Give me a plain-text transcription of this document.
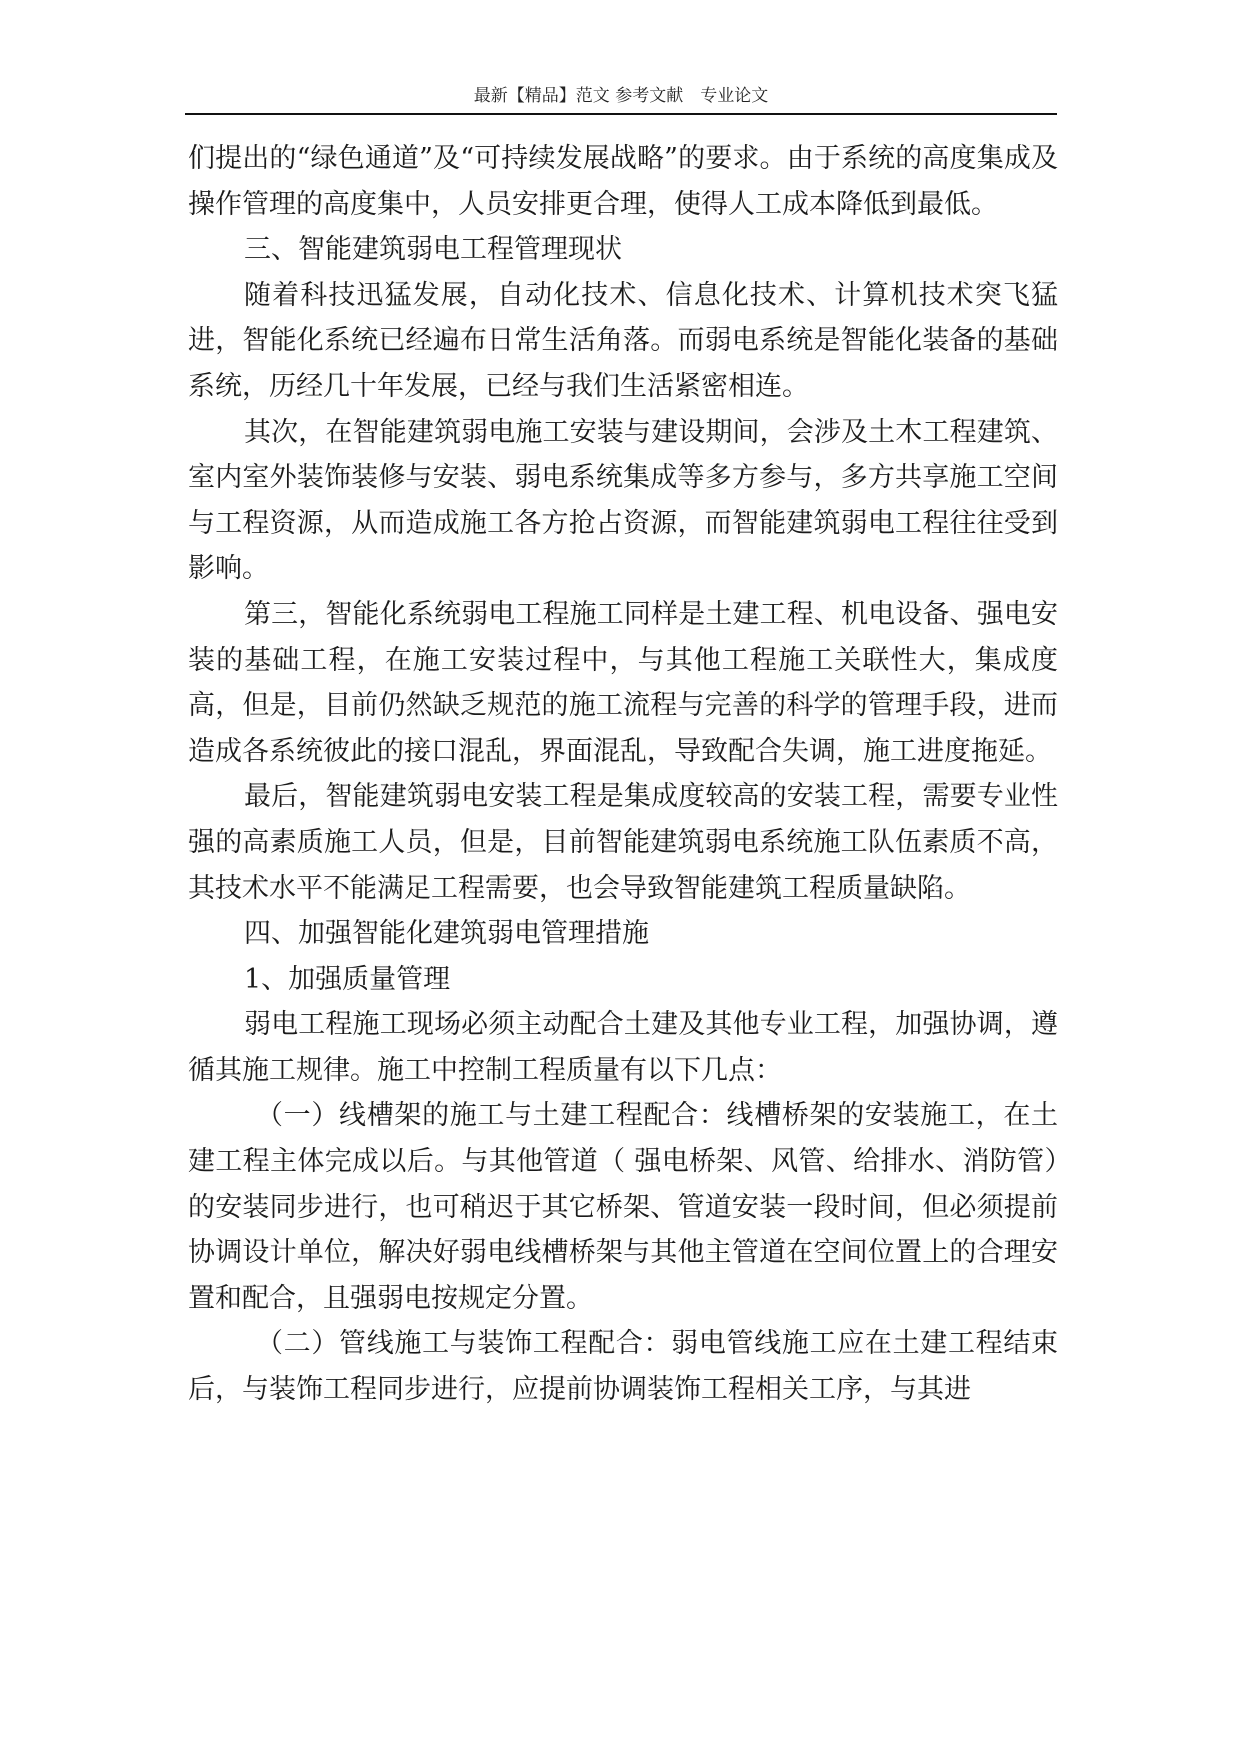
最新【精品】范文 参考文献　专业论文

们提出的“绿色通道”及“可持续发展战略”的要求。由于系统的高度集成及操作管理的高度集中，人员安排更合理，使得人工成本降低到最低。

三、智能建筑弱电工程管理现状

随着科技迅猛发展，自动化技术、信息化技术、计算机技术突飞猛进，智能化系统已经遍布日常生活角落。而弱电系统是智能化装备的基础系统，历经几十年发展，已经与我们生活紧密相连。

其次，在智能建筑弱电施工安装与建设期间，会涉及土木工程建筑、室内室外装饰装修与安装、弱电系统集成等多方参与，多方共享施工空间与工程资源，从而造成施工各方抢占资源，而智能建筑弱电工程往往受到影响。

第三，智能化系统弱电工程施工同样是土建工程、机电设备、强电安装的基础工程，在施工安装过程中，与其他工程施工关联性大，集成度高，但是，目前仍然缺乏规范的施工流程与完善的科学的管理手段，进而造成各系统彼此的接口混乱，界面混乱，导致配合失调，施工进度拖延。

最后，智能建筑弱电安装工程是集成度较高的安装工程，需要专业性强的高素质施工人员，但是，目前智能建筑弱电系统施工队伍素质不高，其技术水平不能满足工程需要，也会导致智能建筑工程质量缺陷。

四、加强智能化建筑弱电管理措施

1、加强质量管理

弱电工程施工现场必须主动配合土建及其他专业工程，加强协调，遵循其施工规律。施工中控制工程质量有以下几点：

（一）线槽架的施工与土建工程配合：线槽桥架的安装施工，在土建工程主体完成以后。与其他管道（ 强电桥架、风管、给排水、消防管）的安装同步进行，也可稍迟于其它桥架、管道安装一段时间，但必须提前协调设计单位，解决好弱电线槽桥架与其他主管道在空间位置上的合理安置和配合，且强弱电按规定分置。

（二）管线施工与装饰工程配合：弱电管线施工应在土建工程结束后，与装饰工程同步进行，应提前协调装饰工程相关工序，与其进
